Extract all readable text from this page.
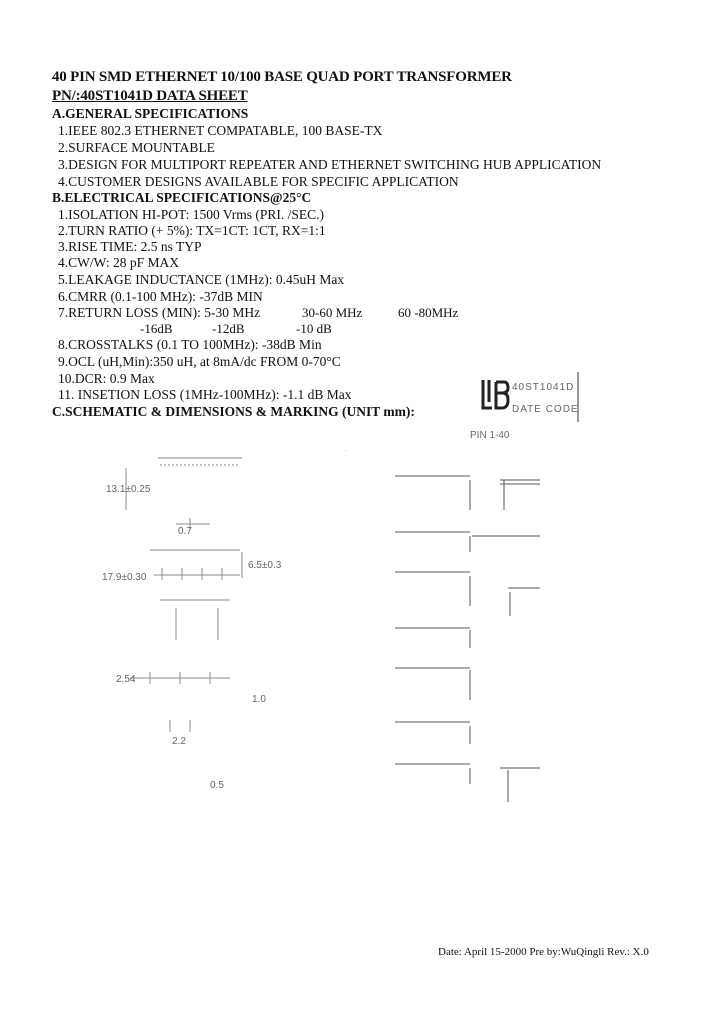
40 PIN SMD ETHERNET 10/100 BASE QUAD PORT TRANSFORMER
PN/:40ST1041D DATA SHEET
A.GENERAL SPECIFICATIONS
1.IEEE 802.3 ETHERNET COMPATABLE, 100 BASE-TX
2.SURFACE MOUNTABLE
3.DESIGN FOR MULTIPORT REPEATER AND ETHERNET SWITCHING HUB APPLICATION
4.CUSTOMER DESIGNS AVAILABLE FOR SPECIFIC APPLICATION
B.ELECTRICAL SPECIFICATIONS@25°C
1.ISOLATION HI-POT: 1500 Vrms (PRI. /SEC.)
2.TURN RATIO (+ 5%): TX=1CT: 1CT, RX=1:1
3.RISE TIME: 2.5 ns TYP
4.CW/W: 28 pF MAX
5.LEAKAGE INDUCTANCE (1MHz): 0.45uH Max
6.CMRR (0.1-100 MHz): -37dB MIN
7.RETURN LOSS (MIN): 5-30 MHz	30-60 MHz	60 -80MHz
-16dB	-12dB	-10 dB
8.CROSSTALKS (0.1 TO 100MHz): -38dB Min
9.OCL (uH,Min):350 uH, at 8mA/dc FROM 0-70°C
10.DCR: 0.9 Max
11. INSETION LOSS (1MHz-100MHz): -1.1 dB Max
C.SCHEMATIC & DIMENSIONS & MARKING (UNIT mm):
40ST1041D
DATE CODE
13.1±0.25
0.7
6.5±0.3
17.9±0.30
2.54
1.0
2.2
0.5
PIN 1-40
·
Date: April 15-2000 Pre by:WuQingli Rev.: X.0
